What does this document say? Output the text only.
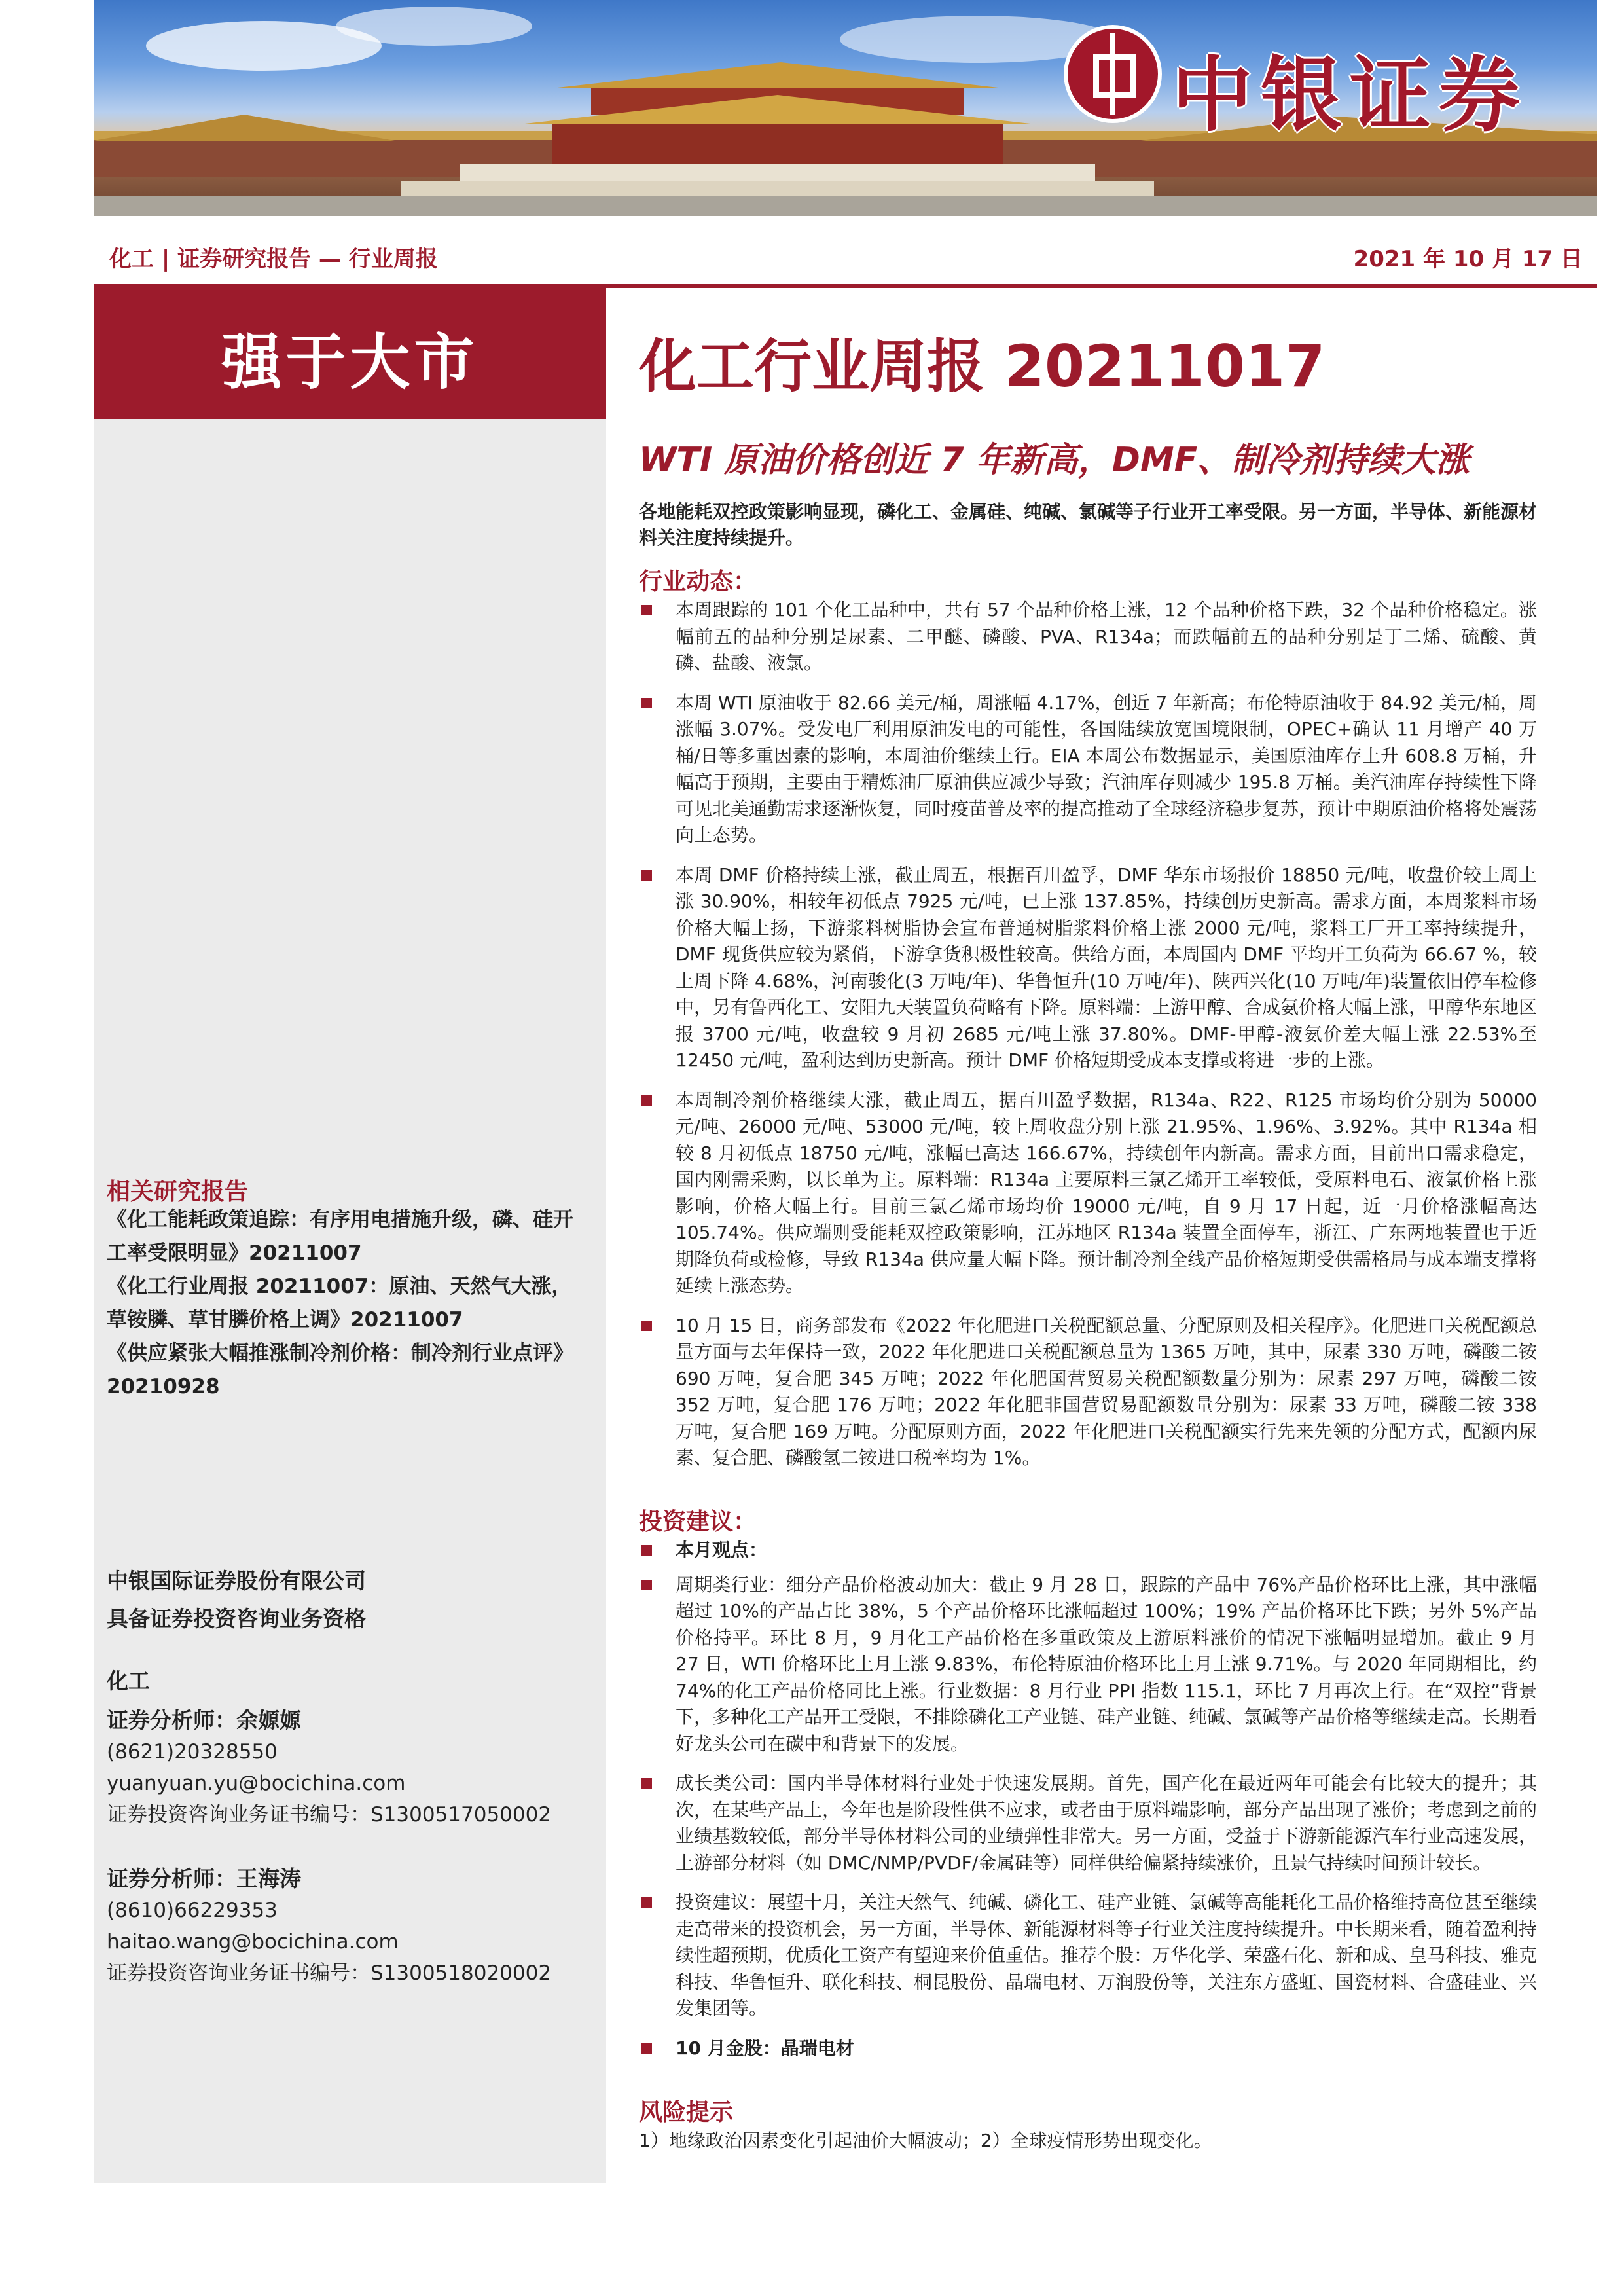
中银证券
化工 | 证券研究报告 — 行业周报	2021 年 10 月 17 日
强于大市
相关研究报告

《化工能耗政策追踪：有序用电措施升级，磷、硅开工率受限明显》20211007

《化工行业周报 20211007：原油、天然气大涨，草铵膦、草甘膦价格上调》20211007

《供应紧张大幅推涨制冷剂价格：制冷剂行业点评》20210928

中银国际证券股份有限公司
具备证券投资咨询业务资格
化工
证券分析师：余嫄嫄
(8621)20328550
yuanyuan.yu@bocichina.com
证券投资咨询业务证书编号：S1300517050002
证券分析师：王海涛
(8610)66229353
haitao.wang@bocichina.com
证券投资咨询业务证书编号：S1300518020002
化工行业周报 20211017
WTI 原油价格创近 7 年新高，DMF、制冷剂持续大涨
各地能耗双控政策影响显现，磷化工、金属硅、纯碱、氯碱等子行业开工率受限。另一方面，半导体、新能源材料关注度持续提升。
行业动态：
本周跟踪的 101 个化工品种中，共有 57 个品种价格上涨，12 个品种价格下跌，32 个品种价格稳定。涨幅前五的品种分别是尿素、二甲醚、磷酸、PVA、R134a；而跌幅前五的品种分别是丁二烯、硫酸、黄磷、盐酸、液氯。
本周 WTI 原油收于 82.66 美元/桶，周涨幅 4.17%，创近 7 年新高；布伦特原油收于 84.92 美元/桶，周涨幅 3.07%。受发电厂利用原油发电的可能性，各国陆续放宽国境限制，OPEC+确认 11 月增产 40 万桶/日等多重因素的影响，本周油价继续上行。EIA 本周公布数据显示，美国原油库存上升 608.8 万桶，升幅高于预期，主要由于精炼油厂原油供应减少导致；汽油库存则减少 195.8 万桶。美汽油库存持续性下降可见北美通勤需求逐渐恢复，同时疫苗普及率的提高推动了全球经济稳步复苏，预计中期原油价格将处震荡向上态势。
本周 DMF 价格持续上涨，截止周五，根据百川盈孚，DMF 华东市场报价 18850 元/吨，收盘价较上周上涨 30.90%，相较年初低点 7925 元/吨，已上涨 137.85%，持续创历史新高。需求方面，本周浆料市场价格大幅上扬，下游浆料树脂协会宣布普通树脂浆料价格上涨 2000 元/吨，浆料工厂开工率持续提升，DMF 现货供应较为紧俏，下游拿货积极性较高。供给方面，本周国内 DMF 平均开工负荷为 66.67 %，较上周下降 4.68%，河南骏化(3 万吨/年)、华鲁恒升(10 万吨/年)、陕西兴化(10 万吨/年)装置依旧停车检修中，另有鲁西化工、安阳九天装置负荷略有下降。原料端：上游甲醇、合成氨价格大幅上涨，甲醇华东地区报 3700 元/吨，收盘较 9 月初 2685 元/吨上涨 37.80%。DMF-甲醇-液氨价差大幅上涨 22.53%至 12450 元/吨，盈利达到历史新高。预计 DMF 价格短期受成本支撑或将进一步的上涨。
本周制冷剂价格继续大涨，截止周五，据百川盈孚数据，R134a、R22、R125 市场均价分别为 50000 元/吨、26000 元/吨、53000 元/吨，较上周收盘分别上涨 21.95%、1.96%、3.92%。其中 R134a 相较 8 月初低点 18750 元/吨，涨幅已高达 166.67%，持续创年内新高。需求方面，目前出口需求稳定，国内刚需采购，以长单为主。原料端：R134a 主要原料三氯乙烯开工率较低，受原料电石、液氯价格上涨影响，价格大幅上行。目前三氯乙烯市场均价 19000 元/吨，自 9 月 17 日起，近一月价格涨幅高达 105.74%。供应端则受能耗双控政策影响，江苏地区 R134a 装置全面停车，浙江、广东两地装置也于近期降负荷或检修，导致 R134a 供应量大幅下降。预计制冷剂全线产品价格短期受供需格局与成本端支撑将延续上涨态势。
10 月 15 日，商务部发布《2022 年化肥进口关税配额总量、分配原则及相关程序》。化肥进口关税配额总量方面与去年保持一致，2022 年化肥进口关税配额总量为 1365 万吨，其中，尿素 330 万吨，磷酸二铵 690 万吨，复合肥 345 万吨；2022 年化肥国营贸易关税配额数量分别为：尿素 297 万吨，磷酸二铵 352 万吨，复合肥 176 万吨；2022 年化肥非国营贸易配额数量分别为：尿素 33 万吨，磷酸二铵 338 万吨，复合肥 169 万吨。分配原则方面，2022 年化肥进口关税配额实行先来先领的分配方式，配额内尿素、复合肥、磷酸氢二铵进口税率均为 1%。
投资建议：
本月观点：
周期类行业：细分产品价格波动加大：截止 9 月 28 日，跟踪的产品中 76%产品价格环比上涨，其中涨幅超过 10%的产品占比 38%，5 个产品价格环比涨幅超过 100%；19% 产品价格环比下跌；另外 5%产品价格持平。环比 8 月，9 月化工产品价格在多重政策及上游原料涨价的情况下涨幅明显增加。截止 9 月 27 日，WTI 价格环比上月上涨 9.83%，布伦特原油价格环比上月上涨 9.71%。与 2020 年同期相比，约 74%的化工产品价格同比上涨。行业数据：8 月行业 PPI 指数 115.1，环比 7 月再次上行。在“双控”背景下，多种化工产品开工受限，不排除磷化工产业链、硅产业链、纯碱、氯碱等产品价格等继续走高。长期看好龙头公司在碳中和背景下的发展。
成长类公司：国内半导体材料行业处于快速发展期。首先，国产化在最近两年可能会有比较大的提升；其次，在某些产品上，今年也是阶段性供不应求，或者由于原料端影响，部分产品出现了涨价；考虑到之前的业绩基数较低，部分半导体材料公司的业绩弹性非常大。另一方面，受益于下游新能源汽车行业高速发展，上游部分材料（如 DMC/NMP/PVDF/金属硅等）同样供给偏紧持续涨价，且景气持续时间预计较长。
投资建议：展望十月，关注天然气、纯碱、磷化工、硅产业链、氯碱等高能耗化工品价格维持高位甚至继续走高带来的投资机会，另一方面，半导体、新能源材料等子行业关注度持续提升。中长期来看，随着盈利持续性超预期，优质化工资产有望迎来价值重估。推荐个股：万华化学、荣盛石化、新和成、皇马科技、雅克科技、华鲁恒升、联化科技、桐昆股份、晶瑞电材、万润股份等，关注东方盛虹、国瓷材料、合盛硅业、兴发集团等。
10 月金股：晶瑞电材
风险提示
1）地缘政治因素变化引起油价大幅波动；2）全球疫情形势出现变化。
